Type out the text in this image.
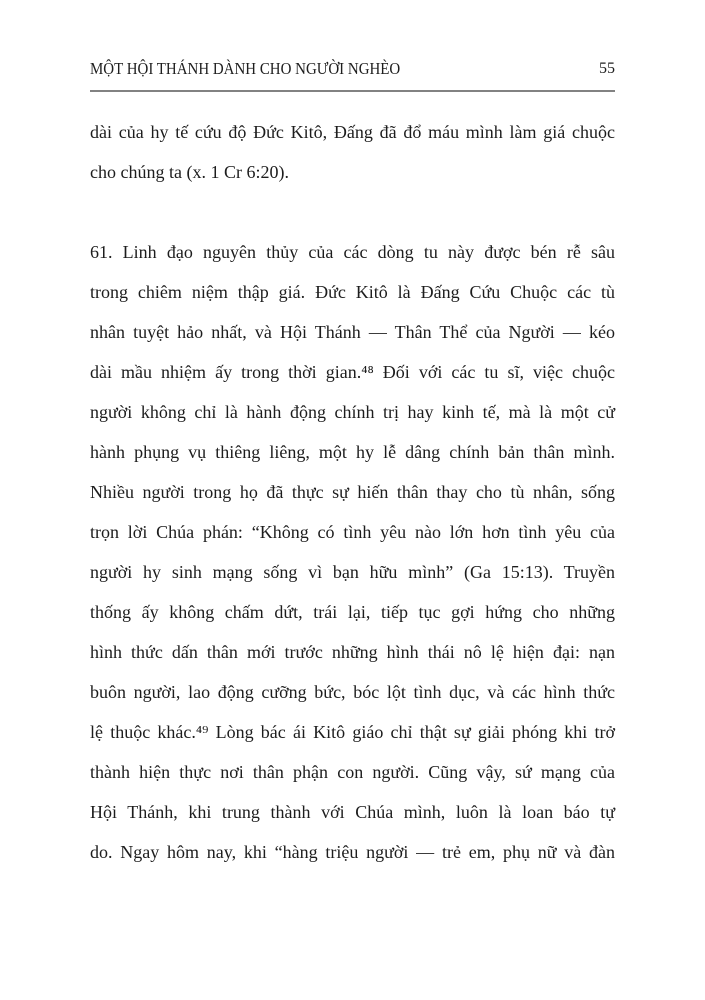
MỘT HỘI THÁNH DÀNH CHO NGƯỜI NGHÈO	55
dài của hy tế cứu độ Đức Kitô, Đấng đã đổ máu mình làm giá chuộc
cho chúng ta (x. 1 Cr 6:20).
61. Linh đạo nguyên thủy của các dòng tu này được bén rễ sâu
trong chiêm niệm thập giá. Đức Kitô là Đấng Cứu Chuộc các tù
nhân tuyệt hảo nhất, và Hội Thánh — Thân Thể của Người — kéo
dài mầu nhiệm ấy trong thời gian.⁴⁸ Đối với các tu sĩ, việc chuộc
người không chỉ là hành động chính trị hay kinh tế, mà là một cử
hành phụng vụ thiêng liêng, một hy lễ dâng chính bản thân mình.
Nhiều người trong họ đã thực sự hiến thân thay cho tù nhân, sống
trọn lời Chúa phán: “Không có tình yêu nào lớn hơn tình yêu của
người hy sinh mạng sống vì bạn hữu mình” (Ga 15:13). Truyền
thống ấy không chấm dứt, trái lại, tiếp tục gợi hứng cho những
hình thức dấn thân mới trước những hình thái nô lệ hiện đại: nạn
buôn người, lao động cưỡng bức, bóc lột tình dục, và các hình thức
lệ thuộc khác.⁴⁹ Lòng bác ái Kitô giáo chỉ thật sự giải phóng khi trở
thành hiện thực nơi thân phận con người. Cũng vậy, sứ mạng của
Hội Thánh, khi trung thành với Chúa mình, luôn là loan báo tự
do. Ngay hôm nay, khi “hàng triệu người — trẻ em, phụ nữ và đàn
